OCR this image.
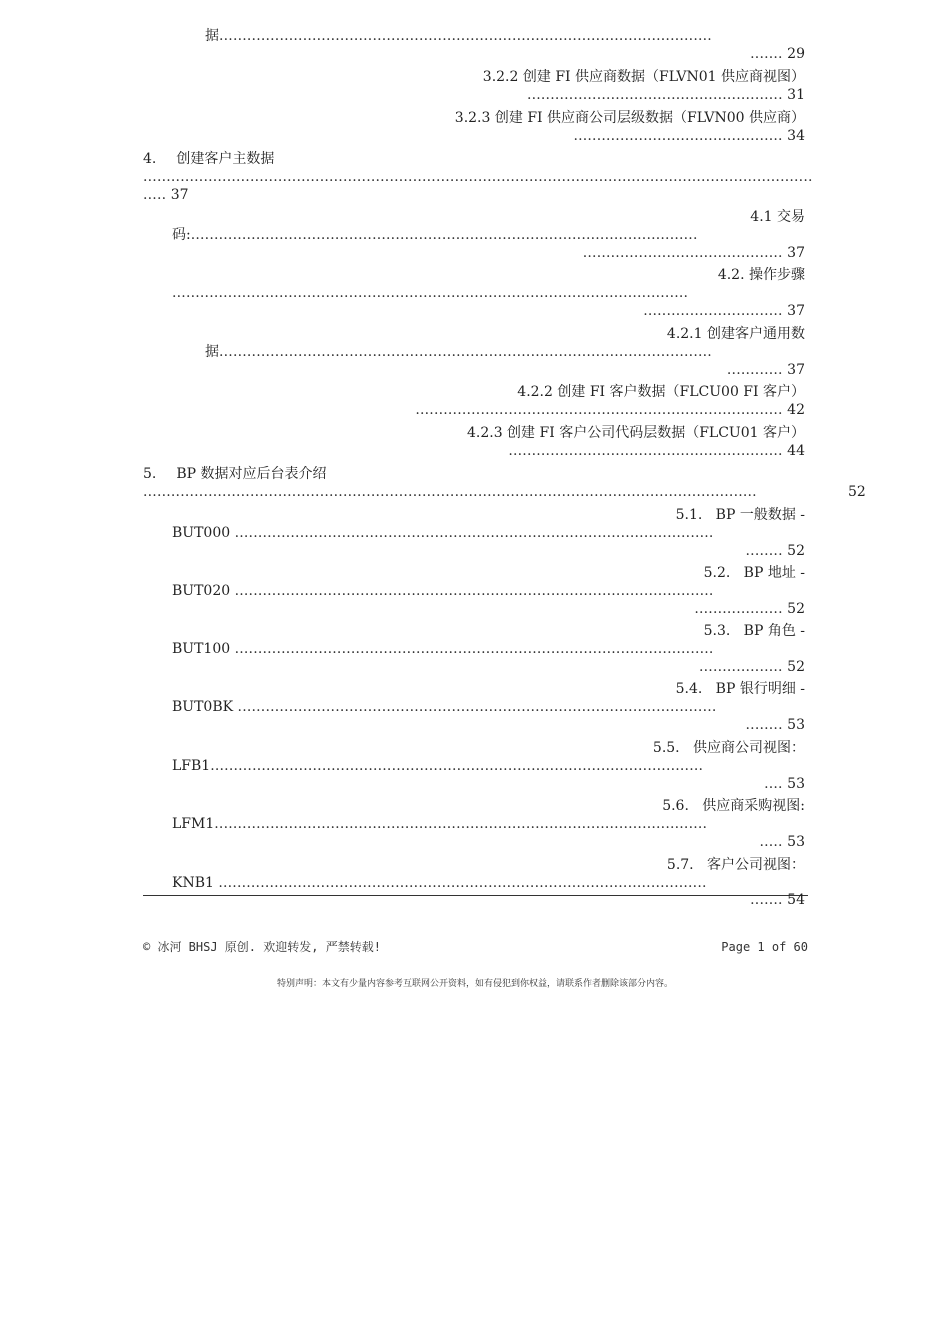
据..........................................................................................................
....... 29
3.2.2 创建 FI 供应商数据（FLVN01 供应商视图）
....................................................... 31
3.2.3 创建 FI 供应商公司层级数据（FLVN00 供应商）
............................................. 34
4. 创建客户主数据
................................................................................................................................................
..... 37
4.1 交易
码:.............................................................................................................
........................................... 37
4.2. 操作步骤
...............................................................................................................
.............................. 37
4.2.1 创建客户通用数
据..........................................................................................................
............ 37
4.2.2 创建 FI 客户数据（FLCU00 FI 客户）
............................................................................... 42
4.2.3 创建 FI 客户公司代码层数据（FLCU01 客户）
........................................................... 44
5. BP 数据对应后台表介绍
....................................................................................................................................	52
5.1.   BP 一般数据 -
BUT000 .......................................................................................................
........ 52
5.2.   BP 地址 -
BUT020 .......................................................................................................
................... 52
5.3.   BP 角色 -
BUT100 .......................................................................................................
.................. 52
5.4.   BP 银行明细 -
BUT0BK .......................................................................................................
........ 53
5.5.   供应商公司视图：
LFB1..........................................................................................................
.... 53
5.6.   供应商采购视图:
LFM1..........................................................................................................
..... 53
5.7.   客户公司视图：
KNB1 .........................................................................................................
....... 54
© 冰河 BHSJ 原创. 欢迎转发, 严禁转载!	Page 1 of 60
特别声明：本文有少量内容参考互联网公开资料，如有侵犯到你权益，请联系作者删除该部分内容。
